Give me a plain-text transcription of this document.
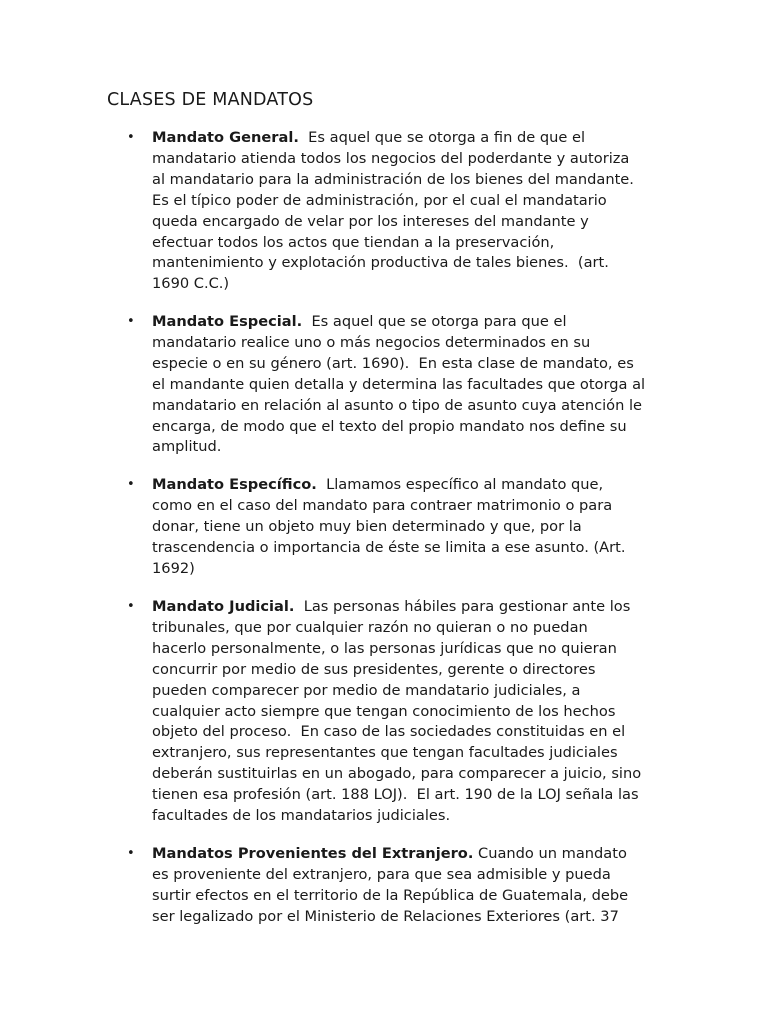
CLASES DE MANDATOS
• Mandato General.  Es aquel que se otorga a fin de que el
mandatario atienda todos los negocios del poderdante y autoriza
al mandatario para la administración de los bienes del mandante.
Es el típico poder de administración, por el cual el mandatario
queda encargado de velar por los intereses del mandante y
efectuar todos los actos que tiendan a la preservación,
mantenimiento y explotación productiva de tales bienes.  (art.
1690 C.C.)
• Mandato Especial.  Es aquel que se otorga para que el
mandatario realice uno o más negocios determinados en su
especie o en su género (art. 1690).  En esta clase de mandato, es
el mandante quien detalla y determina las facultades que otorga al
mandatario en relación al asunto o tipo de asunto cuya atención le
encarga, de modo que el texto del propio mandato nos define su
amplitud.
• Mandato Específico.  Llamamos específico al mandato que,
como en el caso del mandato para contraer matrimonio o para
donar, tiene un objeto muy bien determinado y que, por la
trascendencia o importancia de éste se limita a ese asunto. (Art.
1692)
• Mandato Judicial.  Las personas hábiles para gestionar ante los
tribunales, que por cualquier razón no quieran o no puedan
hacerlo personalmente, o las personas jurídicas que no quieran
concurrir por medio de sus presidentes, gerente o directores
pueden comparecer por medio de mandatario judiciales, a
cualquier acto siempre que tengan conocimiento de los hechos
objeto del proceso.  En caso de las sociedades constituidas en el
extranjero, sus representantes que tengan facultades judiciales
deberán sustituirlas en un abogado, para comparecer a juicio, sino
tienen esa profesión (art. 188 LOJ).  El art. 190 de la LOJ señala las
facultades de los mandatarios judiciales.
• Mandatos Provenientes del Extranjero. Cuando un mandato
es proveniente del extranjero, para que sea admisible y pueda
surtir efectos en el territorio de la República de Guatemala, debe
ser legalizado por el Ministerio de Relaciones Exteriores (art. 37
